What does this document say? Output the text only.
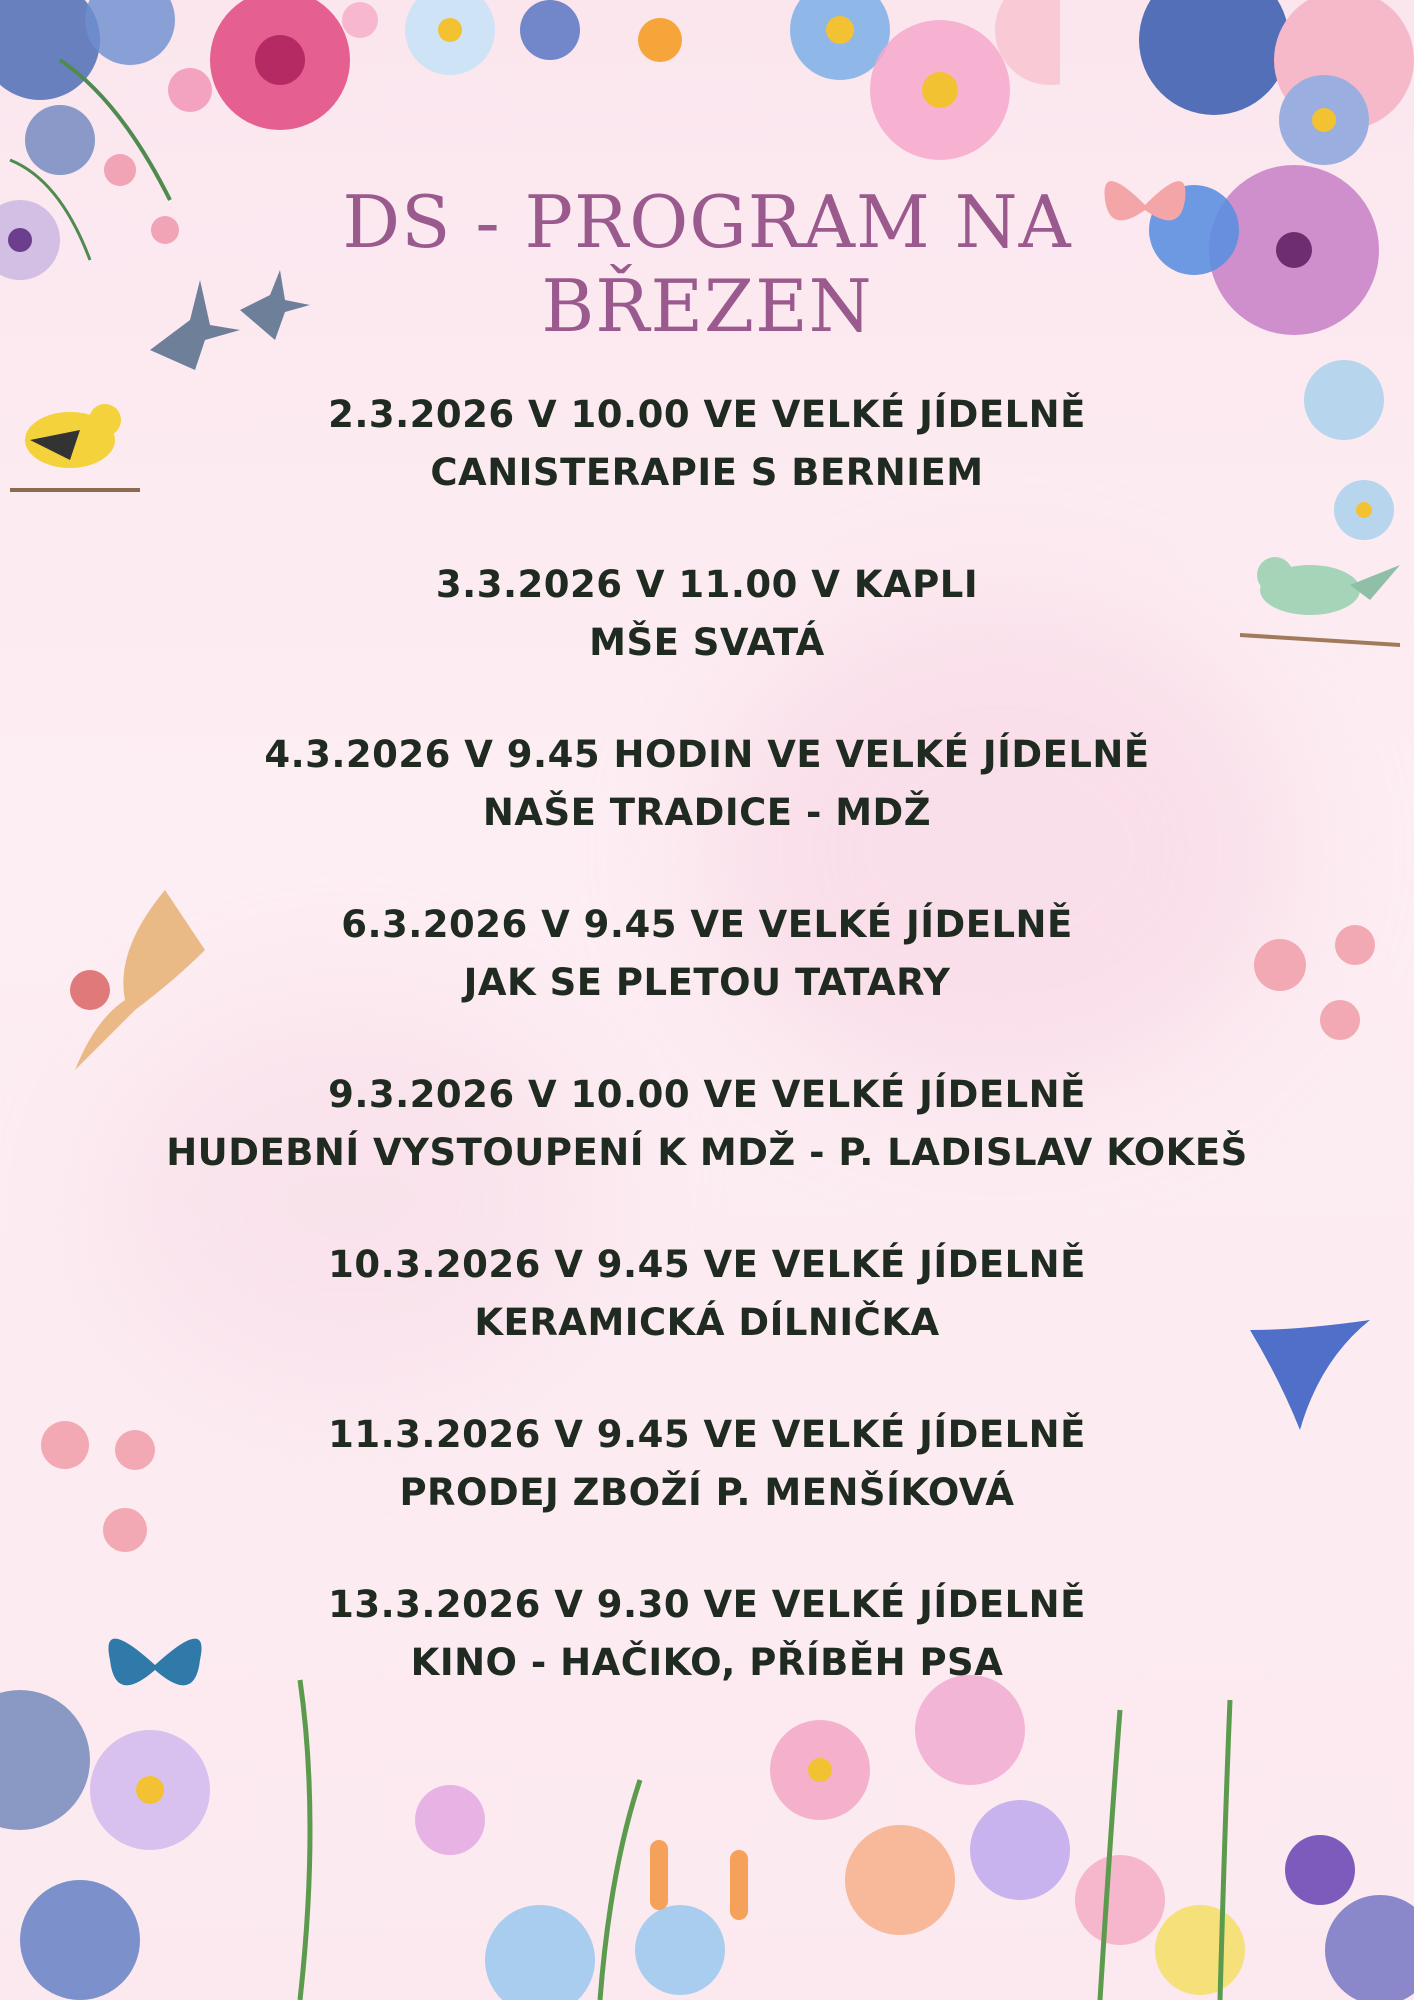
DS - PROGRAM NA
BŘEZEN
2.3.2026 V 10.00 VE VELKÉ JÍDELNĚ
CANISTERAPIE S BERNIEM
3.3.2026 V 11.00 V KAPLI
MŠE SVATÁ
4.3.2026 V 9.45 HODIN VE VELKÉ JÍDELNĚ
NAŠE TRADICE - MDŽ
6.3.2026 V 9.45 VE VELKÉ JÍDELNĚ
JAK SE PLETOU TATARY
9.3.2026 V 10.00 VE VELKÉ JÍDELNĚ
HUDEBNÍ VYSTOUPENÍ K MDŽ - P. LADISLAV KOKEŠ
10.3.2026 V 9.45 VE VELKÉ JÍDELNĚ
KERAMICKÁ DÍLNIČKA
11.3.2026 V 9.45 VE VELKÉ JÍDELNĚ
PRODEJ ZBOŽÍ P. MENŠÍKOVÁ
13.3.2026 V 9.30 VE VELKÉ JÍDELNĚ
KINO - HAČIKO, PŘÍBĚH PSA
